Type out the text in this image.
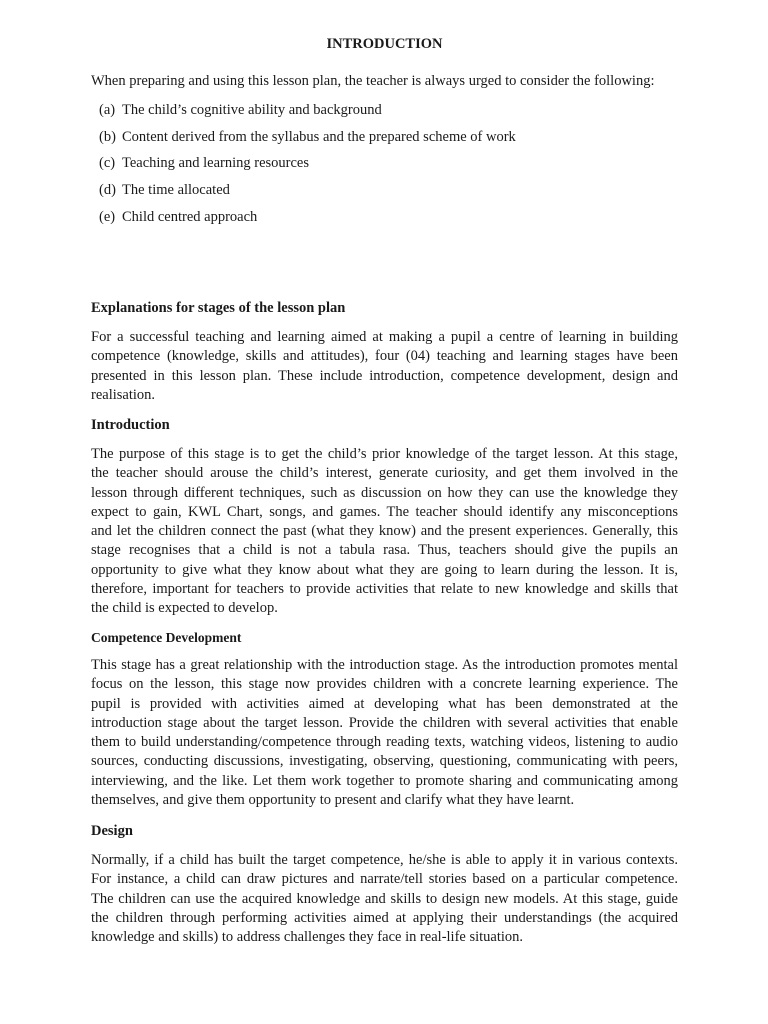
INTRODUCTION
When preparing and using this lesson plan, the teacher is always urged to consider the following:
(a) The child’s cognitive ability and background
(b) Content derived from the syllabus and the prepared scheme of work
(c) Teaching and learning resources
(d) The time allocated
(e) Child centred approach
Explanations for stages of the lesson plan
For a successful teaching and learning aimed at making a pupil a centre of learning in building
competence (knowledge, skills and attitudes), four (04) teaching and learning stages have been
presented in this lesson plan. These include introduction, competence development, design and
realisation.
Introduction
The purpose of this stage is to get the child’s prior knowledge of the target lesson. At this stage,
the teacher should arouse the child’s interest, generate curiosity, and get them involved in the
lesson through different techniques, such as discussion on how they can use the knowledge they
expect to gain, KWL Chart, songs, and games. The teacher should identify any misconceptions
and let the children connect the past (what they know) and the present experiences. Generally, this
stage recognises that a child is not a tabula rasa. Thus, teachers should give the pupils an
opportunity to give what they know about what they are going to learn during the lesson. It is,
therefore, important for teachers to provide activities that relate to new knowledge and skills that
the child is expected to develop.
Competence Development
This stage has a great relationship with the introduction stage. As the introduction promotes mental
focus on the lesson, this stage now provides children with a concrete learning experience. The
pupil is provided with activities aimed at developing what has been demonstrated at the
introduction stage about the target lesson. Provide the children with several activities that enable
them to build understanding/competence through reading texts, watching videos, listening to audio
sources, conducting discussions, investigating, observing, questioning, communicating with peers,
interviewing, and the like. Let them work together to promote sharing and communicating among
themselves, and give them opportunity to present and clarify what they have learnt.
Design
Normally, if a child has built the target competence, he/she is able to apply it in various contexts.
For instance, a child can draw pictures and narrate/tell stories based on a particular competence.
The children can use the acquired knowledge and skills to design new models. At this stage, guide
the children through performing activities aimed at applying their understandings (the acquired
knowledge and skills) to address challenges they face in real-life situation.
